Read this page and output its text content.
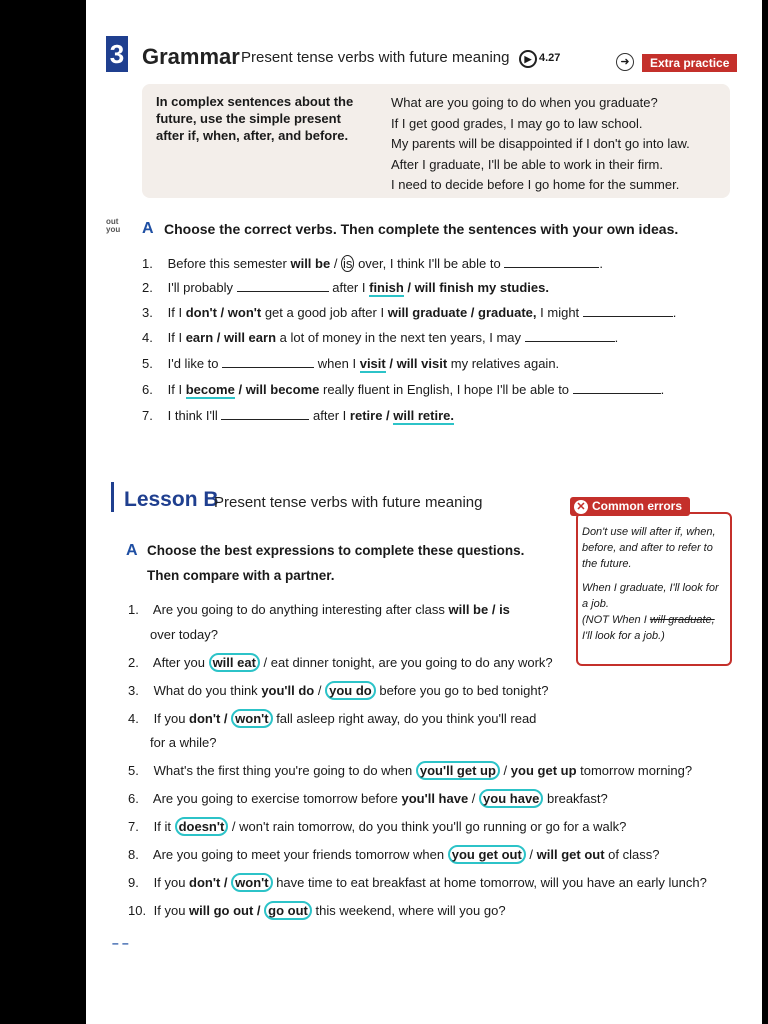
3 Grammar Present tense verbs with future meaning	▶ 4.27	➜	Extra practice
In complex sentences about the future, use the simple present after if, when, after, and before.
What are you going to do when you graduate?
If I get good grades, I may go to law school.
My parents will be disappointed if I don't go into law.
After I graduate, I'll be able to work in their firm.
I need to decide before I go home for the summer.
out you A Choose the correct verbs. Then complete the sentences with your own ideas.
1. Before this semester will be / is over, I think I'll be able to	.
2. I'll probably	after I finish / will finish my studies.
3. If I don't / won't get a good job after I will graduate / graduate, I might	.
4. If I earn / will earn a lot of money in the next ten years, I may	.
5. I'd like to	when I visit / will visit my relatives again.
6. If I become / will become really fluent in English, I hope I'll be able to	.
7. I think I'll	after I retire / will retire.
Lesson B
Present tense verbs with future meaning	✕ Common errors

Don't use will after if, when, before, and after to refer to the future.

When I graduate, I'll look for a job.

(NOT When I will graduate, I'll look for a job.)

A Choose the best expressions to complete these questions.
Then compare with a partner.
1. Are you going to do anything interesting after class will be / is
over today?
2. After you will eat / eat dinner tonight, are you going to do any work?
3. What do you think you'll do / you do before you go to bed tonight?
4. If you don't / won't fall asleep right away, do you think you'll read
for a while?
5. What's the first thing you're going to do when you'll get up / you get up tomorrow morning?
6. Are you going to exercise tomorrow before you'll have / you have breakfast?
7. If it doesn't / won't rain tomorrow, do you think you'll go running or go for a walk?
8. Are you going to meet your friends tomorrow when you get out / will get out of class?
9. If you don't / won't have time to eat breakfast at home tomorrow, will you have an early lunch?
10. If you will go out / go out this weekend, where will you go?
– –
